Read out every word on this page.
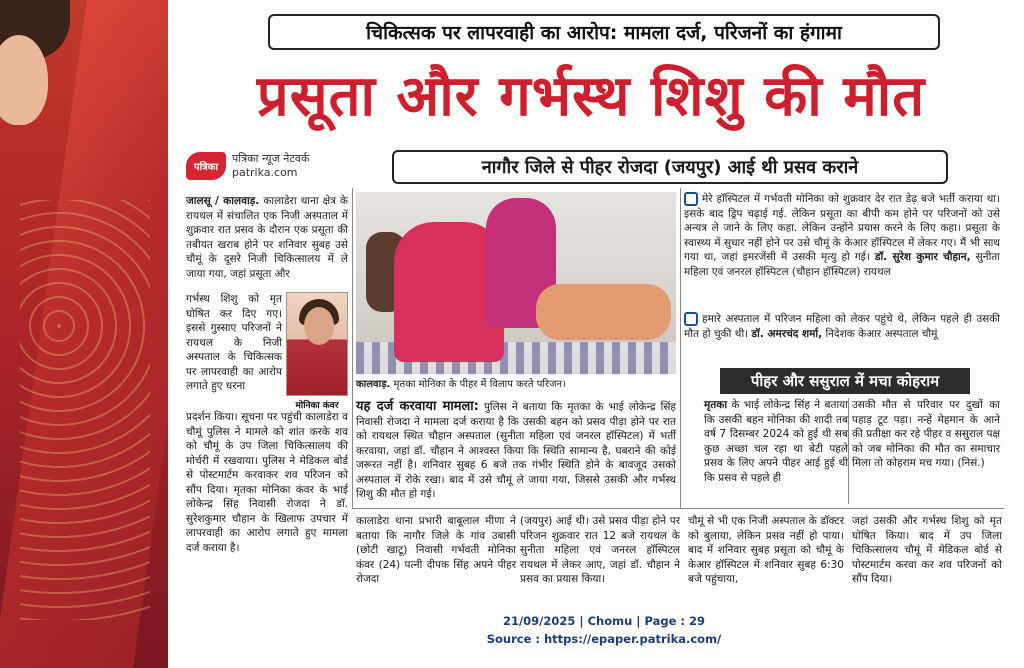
चिकित्सक पर लापरवाही का आरोप: मामला दर्ज, परिजनों का हंगामा
प्रसूता और गर्भस्थ शिशु की मौत
पत्रिका
पत्रिका न्यूज नेटवर्क
patrika.com	नागौर जिले से पीहर रोजदा (जयपुर) आई थी प्रसव कराने
जालसू / कालवाड़. कालाडेरा थाना क्षेत्र के रायथल में संचालित एक निजी अस्पताल में शुक्रवार रात प्रसव के दौरान एक प्रसूता की तबीयत खराब होने पर शनिवार सुबह उसे चौमूं के दूसरे निजी चिकित्सालय में ले जाया गया, जहां प्रसूता और
गर्भस्थ शिशु को मृत घोषित कर दिए गए। इससे गुस्साए परिजनों ने रायथल के निजी अस्पताल के चिकित्सक पर लापरवाही का आरोप लगाते हुए धरना
मोनिका कंवर
प्रदर्शन किया। सूचना पर पहुंची कालाडेरा व चौमूं पुलिस ने मामले को शांत करके शव को चौमूं के उप जिला चिकित्सालय की मोर्चरी में रखवाया। पुलिस ने मेडिकल बोर्ड से पोस्टमार्टम करवाकर शव परिजन को सौंप दिया। मृतका मोनिका कंवर के भाई लोकेन्द्र सिंह निवासी रोजदा ने डॉ. सुरेशकुमार चौहान के खिलाफ उपचार में लापरवाही का आरोप लगाते हुए मामला दर्ज कराया है।
कालवाड़. मृतका मोनिका के पीहर में विलाप करते परिजन।
मेरे हॉस्पिटल में गर्भवती मोनिका को शुक्रवार देर रात डेढ़ बजे भर्ती कराया था। इसके बाद ड्रिप चढ़ाई गई. लेकिन प्रसूता का बीपी कम होने पर परिजनों को उसे अन्यत्र ले जाने के लिए कहा. लेकिन उन्होंने प्रयास करने के लिए कहा। प्रसूता के स्वास्थ्य में सुधार नहीं होने पर उसे चौमूं के केआर हॉस्पिटल में लेकर गए। मैं भी साथ गया था, जहां इमरजेंसी में उसकी मृत्यु हो गई। डॉ. सुरेश कुमार चौहान, सुनीता महिला एवं जनरल हॉस्पिटल (चौहान हॉस्पिटल) रायथल
हमारे अस्पताल में परिजन महिला को लेकर पहुंचे थे, लेकिन पहले ही उसकी मौत हो चुकी थी। डॉ. अमरचंद शर्मा, निदेशक केआर अस्पताल चौमूं
पीहर और ससुराल में मचा कोहराम
यह दर्ज करवाया मामला: पुलिस ने बताया कि मृतका के भाई लोकेन्द्र सिंह निवासी रोजदा ने मामला दर्ज कराया है कि उसकी बहन को प्रसव पीड़ा होने पर रात को रायथल स्थित चौहान अस्पताल (सुनीता महिला एवं जनरल हॉस्पिटल) में भर्ती करवाया, जहां डॉ. चौहान ने आश्वस्त किया कि स्थिति सामान्य है, घबराने की कोई जरूरत नहीं है। शनिवार सुबह 6 बजे तक गंभीर स्थिति होने के बावजूद उसको अस्पताल में रोके रखा। बाद में उसे चौमूं ले जाया गया, जिससे उसकी और गर्भस्थ शिशु की मौत हो गई।
मृतका के भाई लोकेन्द्र सिंह ने बताया कि उसकी बहन मोनिका की शादी तब वर्ष 7 दिसम्बर 2024 को हुई थी सब कुछ अच्छा चल रहा था बेटी पहले प्रसव के लिए अपने पीहर आई हुई थी कि प्रसव से पहले ही
उसकी मौत से परिवार पर दुखों का पहाड़ टूट पड़ा। नन्हें मेहमान के आने की प्रतीक्षा कर रहे पीहर व ससुराल पक्ष को जब मोनिका की मौत का समाचार मिला तो कोहराम मच गया। (निसं.)
कालाडेरा थाना प्रभारी बाबूलाल मीणा ने बताया कि नागौर जिले के गांव उबासी (छोटी खाटू) निवासी गर्भवती मोनिका कंवर (24) पत्नी दीपक सिंह अपने पीहर रोजदा
(जयपुर) आई थी। उसे प्रसव पीड़ा होने पर परिजन शुक्रवार रात 12 बजे रायथल के सुनीता महिला एवं जनरल हॉस्पिटल रायथल में लेकर आए, जहां डॉ. चौहान ने प्रसव का प्रयास किया।
चौमूं से भी एक निजी अस्पताल के डॉक्टर को बुलाया, लेकिन प्रसव नहीं हो पाया। बाद में शनिवार सुबह प्रसूता को चौमूं के केआर हॉस्पिटल में शनिवार सुबह 6:30 बजे पहुंचाया,
जहां उसकी और गर्भस्थ शिशु को मृत घोषित किया। बाद में उप जिला चिकित्सालय चौमूं में मेडिकल बोर्ड से पोस्टमार्टम करवा कर शव परिजनों को सौंप दिया।
21/09/2025 | Chomu | Page : 29
Source : https://epaper.patrika.com/
